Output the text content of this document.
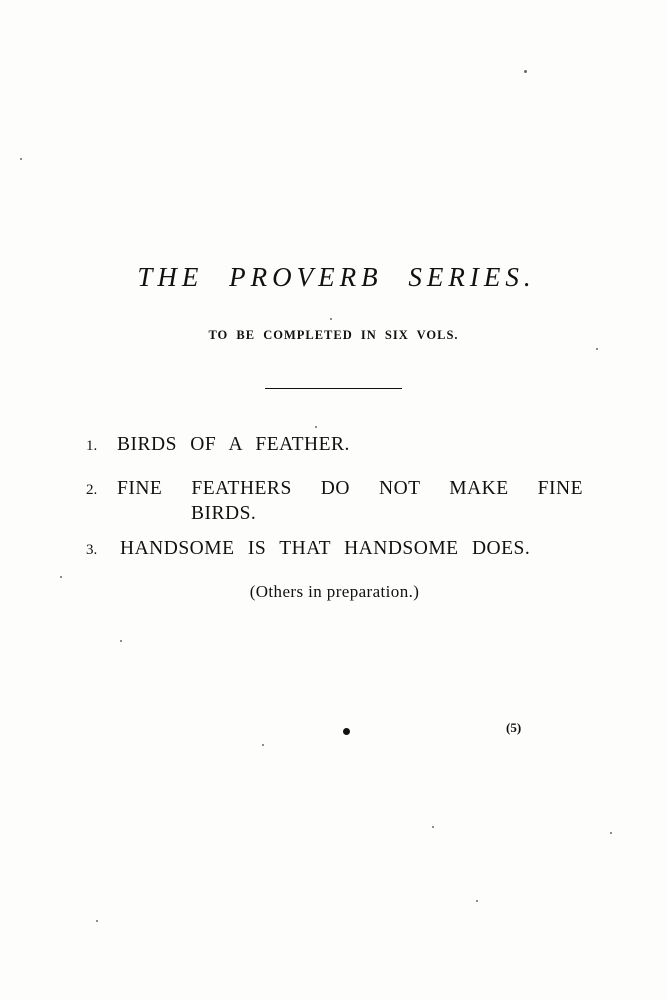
THE PROVERB SERIES.
TO BE COMPLETED IN SIX VOLS.
1. BIRDS OF A FEATHER.
2. FINE FEATHERS DO NOT MAKE FINE
BIRDS.
3. HANDSOME IS THAT HANDSOME DOES.
(Others in preparation.)
(5)
